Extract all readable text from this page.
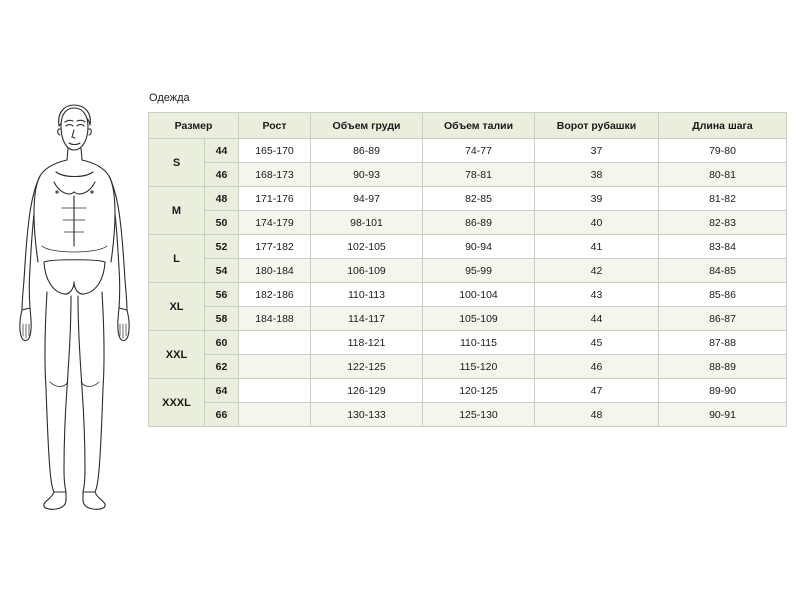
Одежда
Размер		Рост	Объем груди	Объем талии	Ворот рубашки	Длина шага
S	44	165-170	86-89	74-77	37	79-80
	46	168-173	90-93	78-81	38	80-81
M	48	171-176	94-97	82-85	39	81-82
	50	174-179	98-101	86-89	40	82-83
L	52	177-182	102-105	90-94	41	83-84
	54	180-184	106-109	95-99	42	84-85
XL	56	182-186	110-113	100-104	43	85-86
	58	184-188	114-117	105-109	44	86-87
XXL	60		118-121	110-115	45	87-88
	62		122-125	115-120	46	88-89
XXXL	64		126-129	120-125	47	89-90
	66		130-133	125-130	48	90-91
